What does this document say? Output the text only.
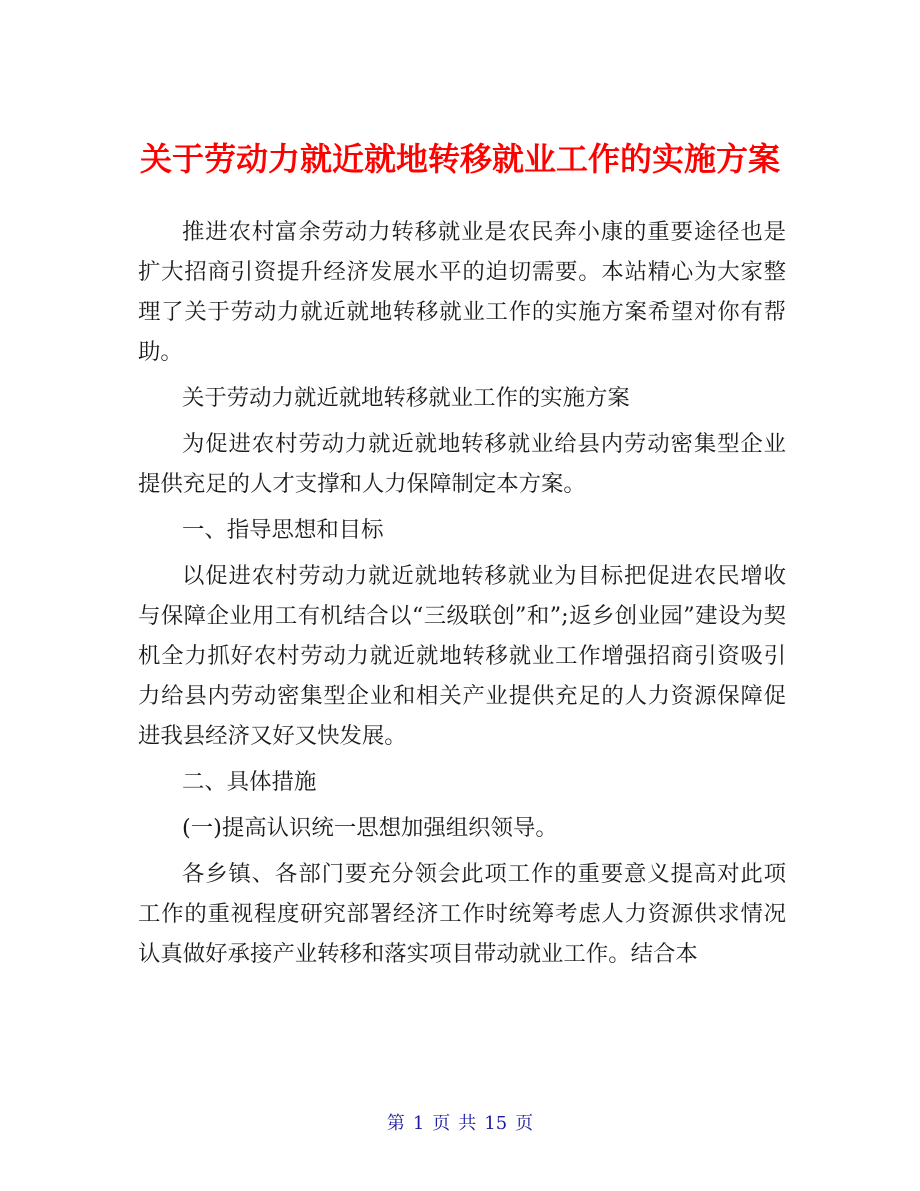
关于劳动力就近就地转移就业工作的实施方案

推进农村富余劳动力转移就业是农民奔小康的重要途径也是扩大招商引资提升经济发展水平的迫切需要。本站精心为大家整理了关于劳动力就近就地转移就业工作的实施方案希望对你有帮助。

关于劳动力就近就地转移就业工作的实施方案

为促进农村劳动力就近就地转移就业给县内劳动密集型企业提供充足的人才支撑和人力保障制定本方案。

一、指导思想和目标

以促进农村劳动力就近就地转移就业为目标把促进农民增收与保障企业用工有机结合以“三级联创”和”;返乡创业园”建设为契机全力抓好农村劳动力就近就地转移就业工作增强招商引资吸引力给县内劳动密集型企业和相关产业提供充足的人力资源保障促进我县经济又好又快发展。

二、具体措施

(一)提高认识统一思想加强组织领导。

各乡镇、各部门要充分领会此项工作的重要意义提高对此项工作的重视程度研究部署经济工作时统筹考虑人力资源供求情况认真做好承接产业转移和落实项目带动就业工作。结合本

第 1 页 共 15 页
